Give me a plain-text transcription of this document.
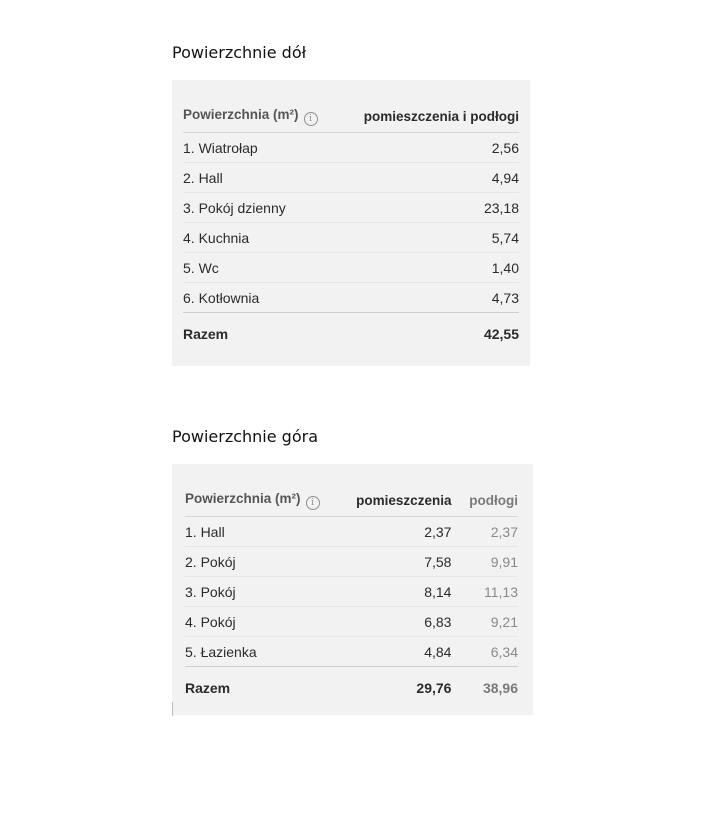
Powierzchnie dół
Powierzchnia (m²) i	pomieszczenia i podłogi
1. Wiatrołap	2,56
2. Hall	4,94
3. Pokój dzienny	23,18
4. Kuchnia	5,74
5. Wc	1,40
6. Kotłownia	4,73
Razem	42,55
Powierzchnie góra
Powierzchnia (m²) i	pomieszczenia		podłogi
1. Hall	2,37		2,37
2. Pokój	7,58		9,91
3. Pokój	8,14		11,13
4. Pokój	6,83		9,21
5. Łazienka	4,84		6,34
Razem	29,76		38,96
